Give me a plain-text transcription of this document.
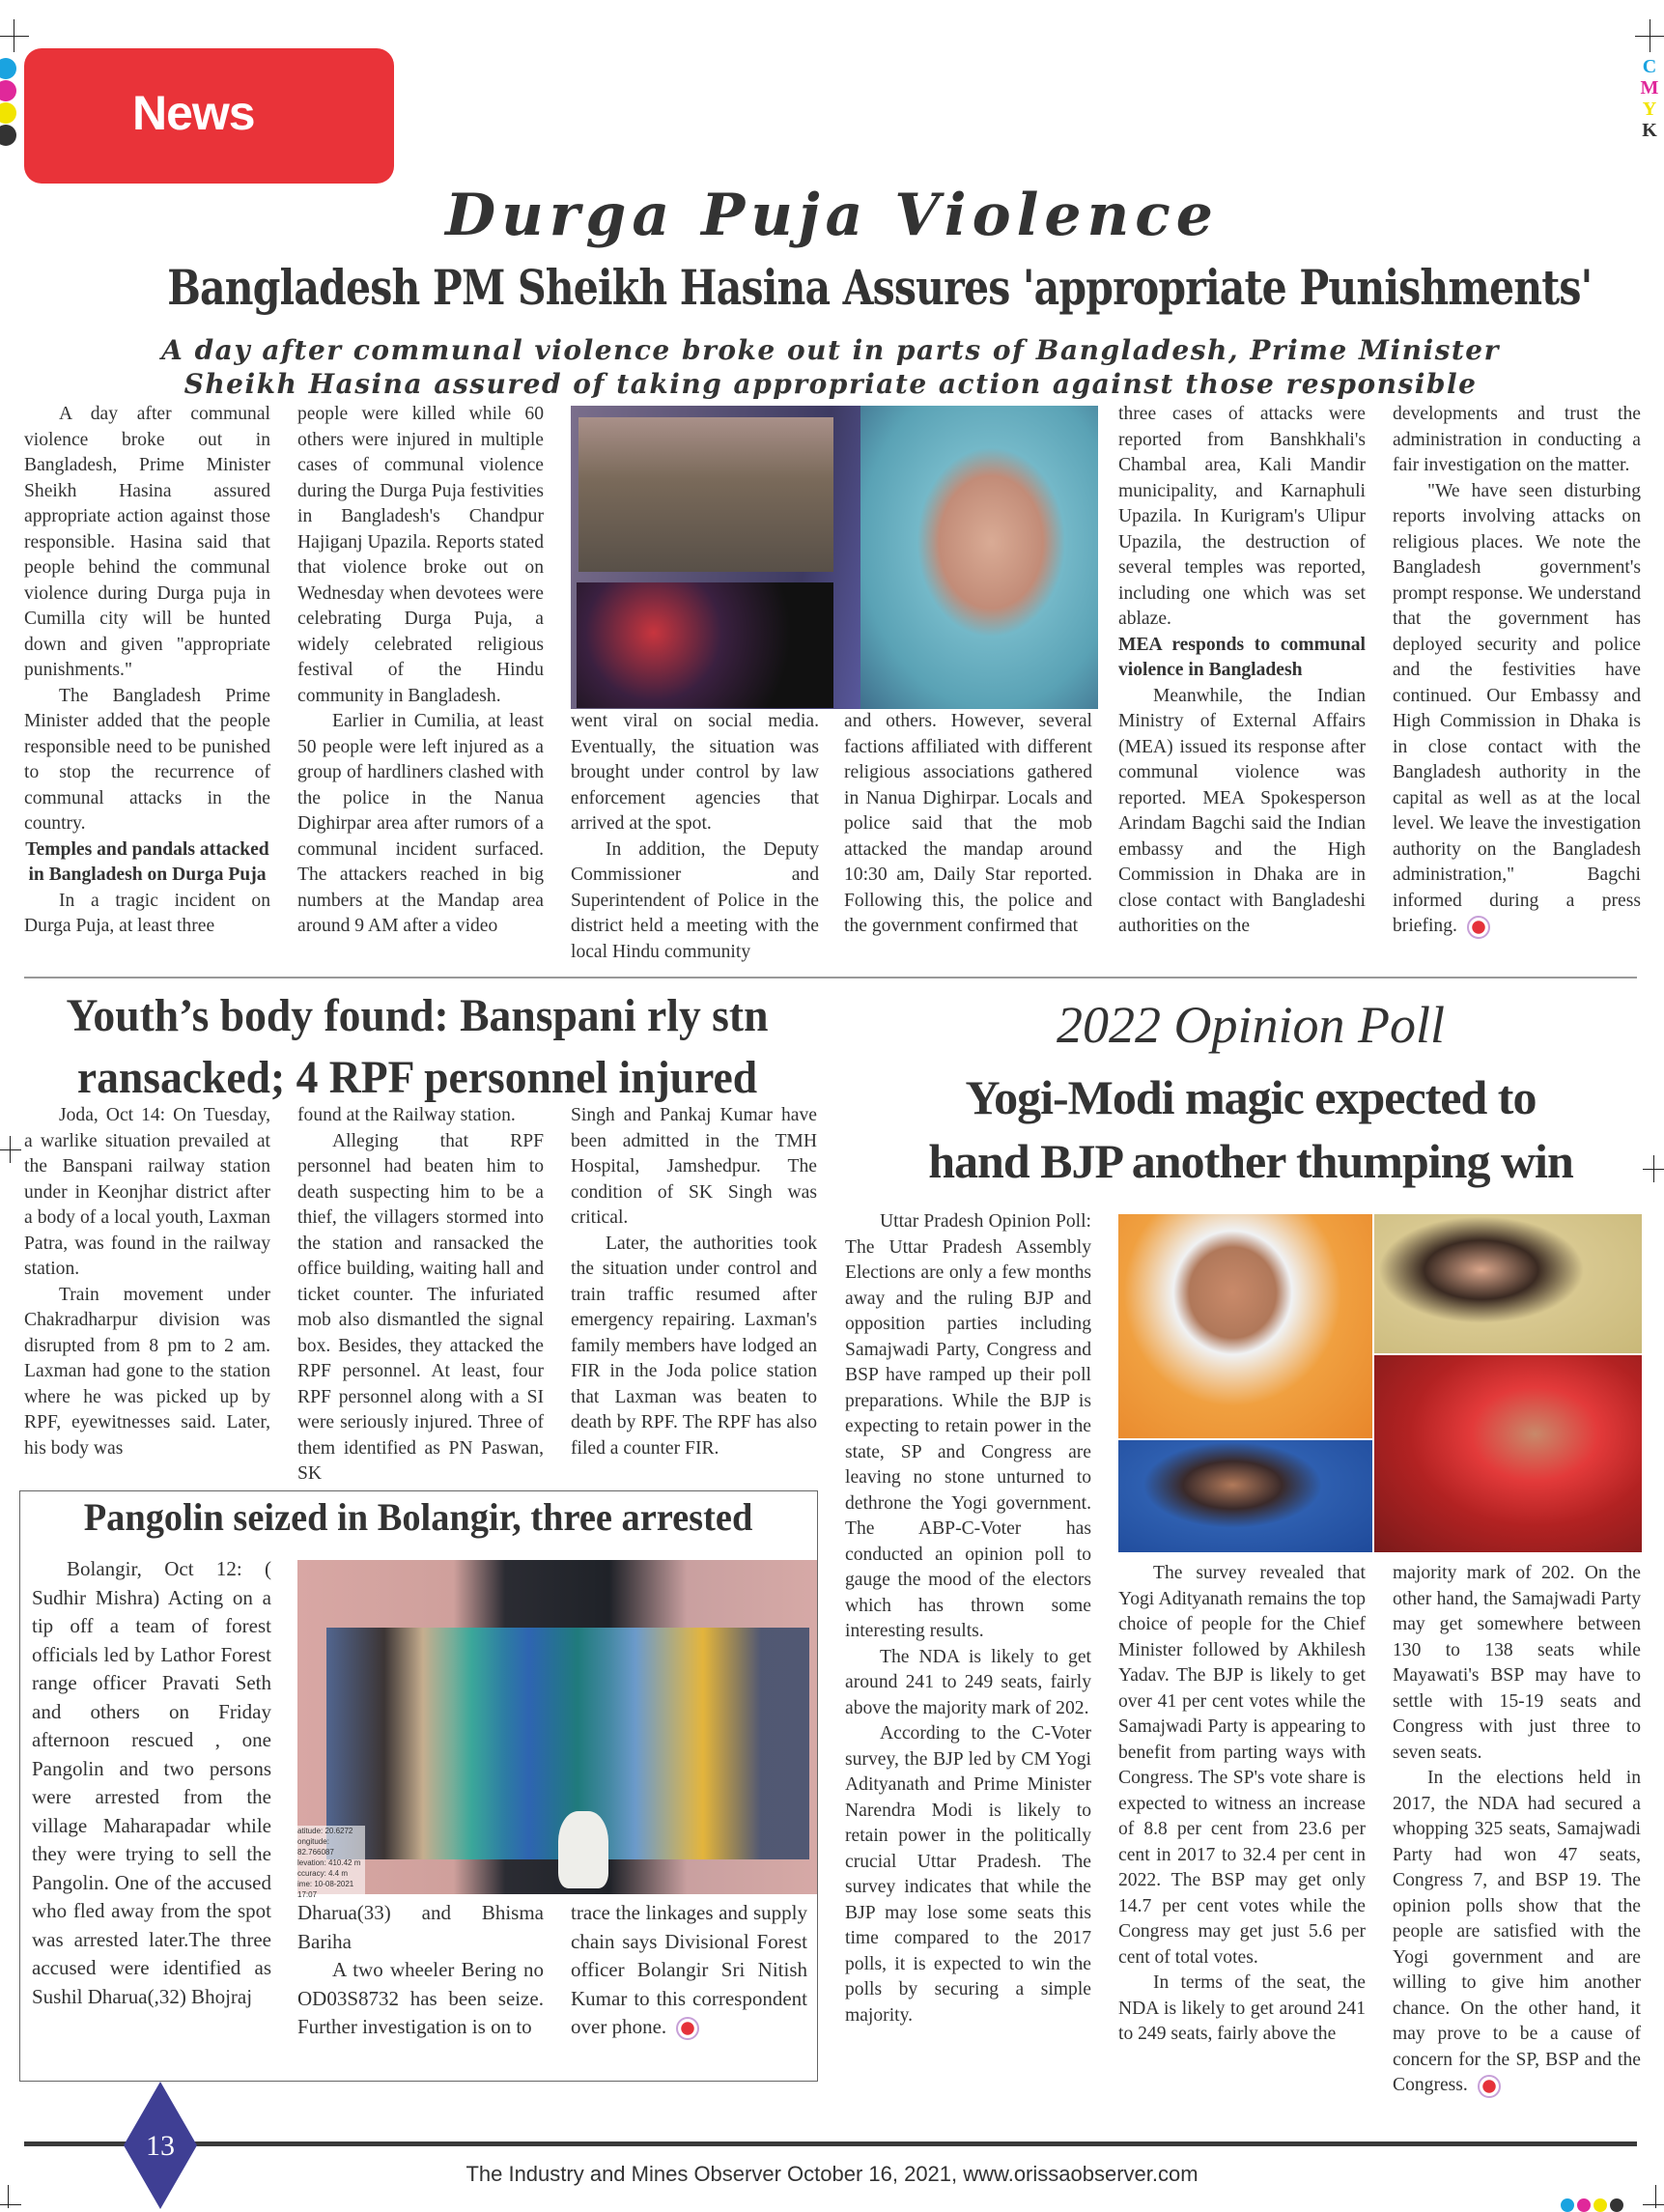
C
M
Y
K
News
Durga Puja Violence
Bangladesh PM Sheikh Hasina Assures 'appropriate Punishments'
A day after communal violence broke out in parts of Bangladesh, Prime Minister
Sheikh Hasina assured of taking appropriate action against those responsible

A day after communal violence broke out in Bangladesh, Prime Minister Sheikh Hasina assured appropriate action against those responsible. Hasina said that people behind the communal violence during Durga puja in Cumilla city will be hunted down and given "appropriate punishments."

The Bangladesh Prime Minister added that the people responsible need to be punished to stop the recurrence of communal attacks in the country.

Temples and pandals attacked in Bangladesh on Durga Puja

In a tragic incident on Durga Puja, at least three

people were killed while 60 others were injured in multiple cases of communal violence during the Durga Puja festivities in Bangladesh's Chandpur Hajiganj Upazila. Reports stated that violence broke out on Wednesday when devotees were celebrating Durga Puja, a widely celebrated religious festival of the Hindu community in Bangladesh.

Earlier in Cumilia, at least 50 people were left injured as a group of hardliners clashed with the police in the Nanua Dighirpar area after rumors of a communal incident surfaced. The attackers reached in big numbers at the Mandap area around 9 AM after a video

went viral on social media. Eventually, the situation was brought under control by law enforcement agencies that arrived at the spot.

In addition, the Deputy Commissioner and Superintendent of Police in the district held a meeting with the local Hindu community

and others. However, several factions affiliated with different religious associations gathered in Nanua Dighirpar. Locals and police said that the mob attacked the mandap around 10:30 am, Daily Star reported. Following this, the police and the government confirmed that

three cases of attacks were reported from Banshkhali's Chambal area, Kali Mandir municipality, and Karnaphuli Upazila. In Kurigram's Ulipur Upazila, the destruction of several temples was reported, including one which was set ablaze.

MEA responds to communal violence in Bangladesh

Meanwhile, the Indian Ministry of External Affairs (MEA) issued its response after communal violence was reported. MEA Spokesperson Arindam Bagchi said the Indian embassy and the High Commission in Dhaka are in close contact with Bangladeshi authorities on the

developments and trust the administration in conducting a fair investigation on the matter.

"We have seen disturbing reports involving attacks on religious places. We note the Bangladesh government's prompt response. We understand that the government has deployed security and police and the festivities have continued. Our Embassy and High Commission in Dhaka is in close contact with the Bangladesh authority in the capital as well as at the local level. We leave the investigation authority on the Bangladesh administration," Bagchi informed during a press briefing.

Youth’s body found: Banspani rly stn
ransacked; 4 RPF personnel injured

Joda, Oct 14: On Tuesday, a warlike situation prevailed at the Banspani railway station under in Keonjhar district after a body of a local youth, Laxman Patra, was found in the railway station.

Train movement under Chakradharpur division was disrupted from 8 pm to 2 am. Laxman had gone to the station where he was picked up by RPF, eyewitnesses said. Later, his body was

found at the Railway station.

Alleging that RPF personnel had beaten him to death suspecting him to be a thief, the villagers stormed into the station and ransacked the office building, waiting hall and ticket counter. The infuriated mob also dismantled the signal box. Besides, they attacked the RPF personnel. At least, four RPF personnel along with a SI were seriously injured. Three of them identified as PN Paswan, SK

Singh and Pankaj Kumar have been admitted in the TMH Hospital, Jamshedpur. The condition of SK Singh was critical.

Later, the authorities took the situation under control and train traffic resumed after emergency repairing. Laxman's family members have lodged an FIR in the Joda police station that Laxman was beaten to death by RPF. The RPF has also filed a counter FIR.

Pangolin seized in Bolangir, three arrested

Bolangir, Oct 12: ( Sudhir Mishra) Acting on a tip off a team of forest officials led by Lathor Forest range officer Pravati Seth and others on Friday afternoon rescued , one Pangolin and two persons were arrested from the village Maharapadar while they were trying to sell the Pangolin. One of the accused who fled away from the spot was arrested later.The three accused were identified as Sushil Dharua(,32) Bhojraj

atitude: 20.6272
ongitude: 82.766087
levation: 410.42 m
ccuracy: 4.4 m
ime: 10-08-2021 17:07

Dharua(33) and Bhisma Bariha

A two wheeler Bering no OD03S8732 has been seize. Further investigation is on to

trace the linkages and supply chain says Divisional Forest officer Bolangir Sri Nitish Kumar to this correspondent over phone.

2022 Opinion Poll
Yogi-Modi magic expected to
hand BJP another thumping win

Uttar Pradesh Opinion Poll: The Uttar Pradesh Assembly Elections are only a few months away and the ruling BJP and opposition parties including Samajwadi Party, Congress and BSP have ramped up their poll preparations. While the BJP is expecting to retain power in the state, SP and Congress are leaving no stone unturned to dethrone the Yogi government. The ABP-C-Voter has conducted an opinion poll to gauge the mood of the electors which has thrown some interesting results.

The NDA is likely to get around 241 to 249 seats, fairly above the majority mark of 202.

According to the C-Voter survey, the BJP led by CM Yogi Adityanath and Prime Minister Narendra Modi is likely to retain power in the politically crucial Uttar Pradesh. The survey indicates that while the BJP may lose some seats this time compared to the 2017 polls, it is expected to win the polls by securing a simple majority.

The survey revealed that Yogi Adityanath remains the top choice of people for the Chief Minister followed by Akhilesh Yadav. The BJP is likely to get over 41 per cent votes while the Samajwadi Party is appearing to benefit from parting ways with Congress. The SP's vote share is expected to witness an increase of 8.8 per cent from 23.6 per cent in 2017 to 32.4 per cent in 2022. The BSP may get only 14.7 per cent votes while the Congress may get just 5.6 per cent of total votes.

In terms of the seat, the NDA is likely to get around 241 to 249 seats, fairly above the

majority mark of 202. On the other hand, the Samajwadi Party may get somewhere between 130 to 138 seats while Mayawati's BSP may have to settle with 15-19 seats and Congress with just three to seven seats.

In the elections held in 2017, the NDA had secured a whopping 325 seats, Samajwadi Party had won 47 seats, Congress 7, and BSP 19. The opinion polls show that the people are satisfied with the Yogi government and are willing to give him another chance. On the other hand, it may prove to be a cause of concern for the SP, BSP and the Congress.

13
The Industry and Mines Observer October 16, 2021, www.orissaobserver.com
